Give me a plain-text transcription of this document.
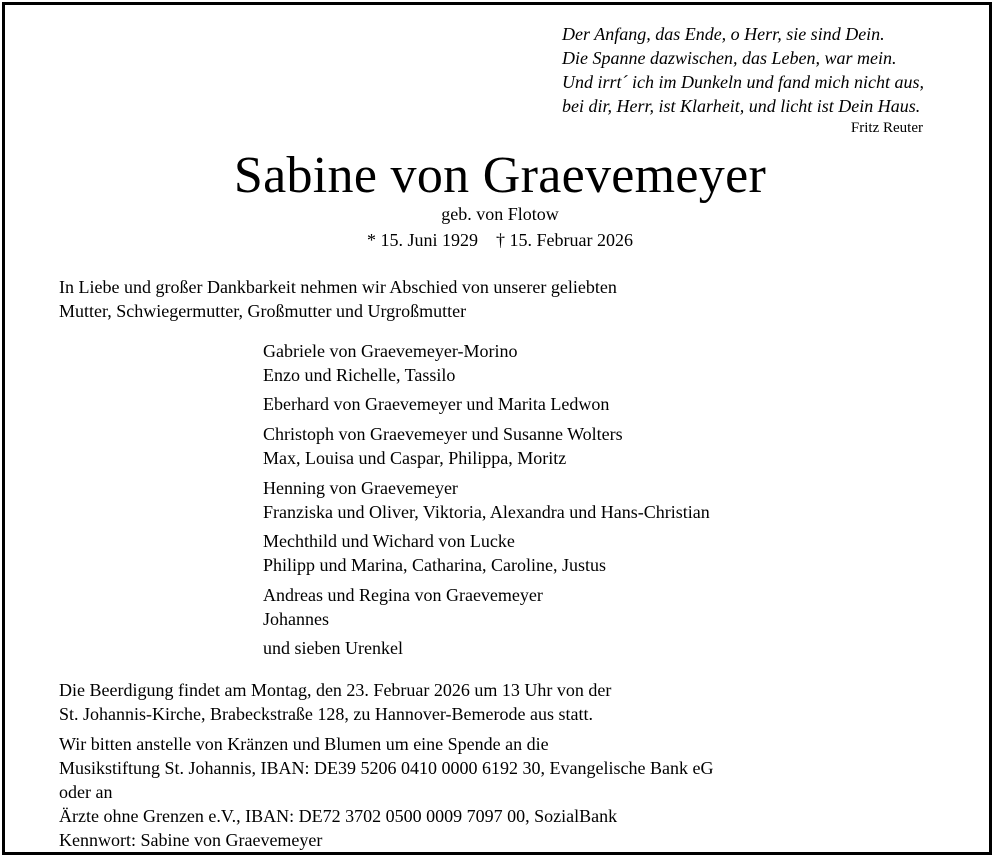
Der Anfang, das Ende, o Herr, sie sind Dein.
Die Spanne dazwischen, das Leben, war mein.
Und irrt´ ich im Dunkeln und fand mich nicht aus,
bei dir, Herr, ist Klarheit, und licht ist Dein Haus.
Fritz Reuter
Sabine von Graevemeyer
geb. von Flotow
* 15. Juni 1929    † 15. Februar 2026
In Liebe und großer Dankbarkeit nehmen wir Abschied von unserer geliebten
Mutter, Schwiegermutter, Großmutter und Urgroßmutter
Gabriele von Graevemeyer-Morino
Enzo und Richelle, Tassilo
Eberhard von Graevemeyer und Marita Ledwon
Christoph von Graevemeyer und Susanne Wolters
Max, Louisa und Caspar, Philippa, Moritz
Henning von Graevemeyer
Franziska und Oliver, Viktoria, Alexandra und Hans-Christian
Mechthild und Wichard von Lucke
Philipp und Marina, Catharina, Caroline, Justus
Andreas und Regina von Graevemeyer
Johannes
und sieben Urenkel
Die Beerdigung findet am Montag, den 23. Februar 2026 um 13 Uhr von der
St. Johannis-Kirche, Brabeckstraße 128, zu Hannover-Bemerode aus statt.
Wir bitten anstelle von Kränzen und Blumen um eine Spende an die
Musikstiftung St. Johannis, IBAN: DE39 5206 0410 0000 6192 30, Evangelische Bank eG
oder an
Ärzte ohne Grenzen e.V., IBAN: DE72 3702 0500 0009 7097 00, SozialBank
Kennwort: Sabine von Graevemeyer
